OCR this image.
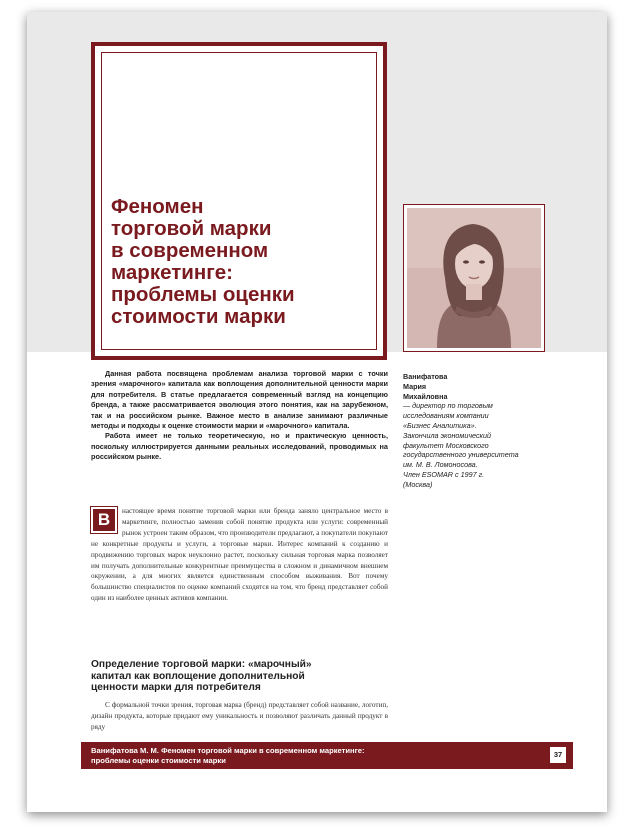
Феномен
торговой марки
в современном
маркетинге:
проблемы оценки
стоимости марки

Данная работа посвящена проблемам анализа торговой марки с точки зрения «марочного» капитала как воплощения дополнительной ценности марки для потребителя. В статье предлагается современный взгляд на концепцию бренда, а также рассматривается эволюция этого понятия, как на зарубежном, так и на российском рынке. Важное место в анализе занимают различные методы и подходы к оценке стоимости марки и «марочного» капитала.

Работа имеет не только теоретическую, но и практическую ценность, поскольку иллюстрируется данными реальных исследований, проводимых на российском рынке.

Ванифатова
Мария
Михайловна
— директор по торговым
исследованиям компании
«Бизнес Аналитика».
Закончила экономический
факультет Московского
государственного университета
им. М. В. Ломоносова.
Член ESOMAR с 1997 г.
(Москва)

В	настоящее время понятие торговой марки или бренда заняло центральное место в маркетинге, полностью заменив собой понятие продукта или услуги: современный рынок устроен таким образом, что производители предлагают, а покупатели покупают не конкретные продукты и услуги, а торговые марки. Интерес компаний к созданию и продвижению торговых марок неуклонно растет, поскольку сильная торговая марка позволяет им получать дополнительные конкурентные преимущества в сложном и динамичном внешнем окружении, а для многих является единственным способом выживания. Вот почему большинство специалистов по оценке компаний сходятся на том, что бренд представляет собой один из наиболее ценных активов компании.

Определение торговой марки: «марочный»
капитал как воплощение дополнительной
ценности марки для потребителя

С формальной точки зрения, торговая марка (бренд) представляет собой название, логотип, дизайн продукта, которые придают ему уникальность и позволяют различать данный продукт в ряду

Ванифатова М. М. Феномен торговой марки в современном маркетинге:
проблемы оценки стоимости марки
37
